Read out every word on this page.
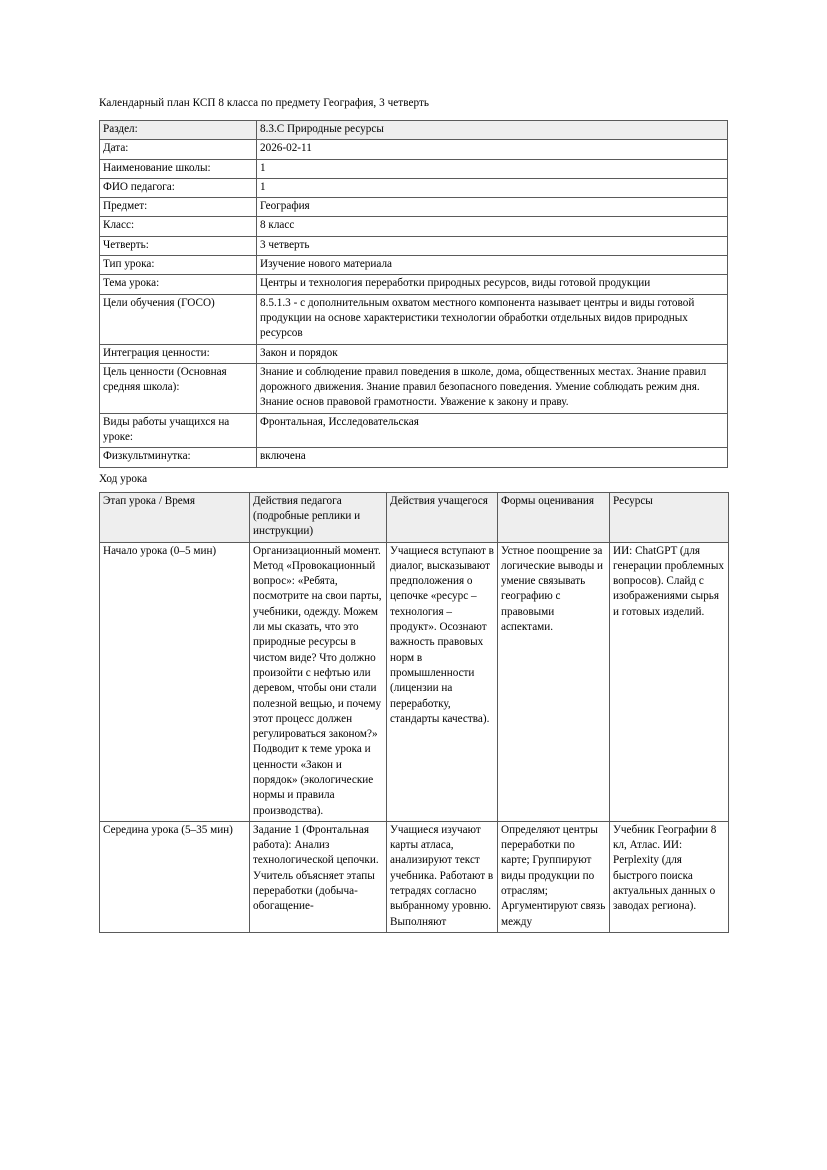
Календарный план КСП 8 класса по предмету География, 3 четверть

Раздел:	8.3.С Природные ресурсы
Дата:	2026-02-11
Наименование школы:	1
ФИО педагога:	1
Предмет:	География
Класс:	8 класс
Четверть:	3 четверть
Тип урока:	Изучение нового материала
Тема урока:	Центры и технология переработки природных ресурсов, виды готовой продукции
Цели обучения (ГОСО)	8.5.1.3 - с дополнительным охватом местного компонента называет центры и виды готовой продукции на основе характеристики технологии обработки отдельных видов природных ресурсов
Интеграция ценности:	Закон и порядок
Цель ценности (Основная средняя школа):	Знание и соблюдение правил поведения в школе, дома, общественных местах. Знание правил дорожного движения. Знание правил безопасного поведения. Умение соблюдать режим дня. Знание основ правовой грамотности. Уважение к закону и праву.
Виды работы учащихся на уроке:	Фронтальная, Исследовательская
Физкультминутка:	включена

Ход урока

Этап урока / Время	Действия педагога (подробные реплики и инструкции)	Действия учащегося	Формы оценивания	Ресурсы
Начало урока (0–5 мин)	Организационный момент. Метод «Провокационный вопрос»: «Ребята, посмотрите на свои парты, учебники, одежду. Можем ли мы сказать, что это природные ресурсы в чистом виде? Что должно произойти с нефтью или деревом, чтобы они стали полезной вещью, и почему этот процесс должен регулироваться законом?» Подводит к теме урока и ценности «Закон и порядок» (экологические нормы и правила производства).	Учащиеся вступают в диалог, высказывают предположения о цепочке «ресурс – технология – продукт». Осознают важность правовых норм в промышленности (лицензии на переработку, стандарты качества).	Устное поощрение за логические выводы и умение связывать географию с правовыми аспектами.	ИИ: ChatGPT (для генерации проблемных вопросов). Слайд с изображениями сырья и готовых изделий.
Середина урока (5–35 мин)	Задание 1 (Фронтальная работа): Анализ технологической цепочки. Учитель объясняет этапы переработки (добыча-обогащение-	Учащиеся изучают карты атласа, анализируют текст учебника. Работают в тетрадях согласно выбранному уровню. Выполняют	Определяют центры переработки по карте; Группируют виды продукции по отраслям; Аргументируют связь между	Учебник Географии 8 кл, Атлас. ИИ: Perplexity (для быстрого поиска актуальных данных о заводах региона).
